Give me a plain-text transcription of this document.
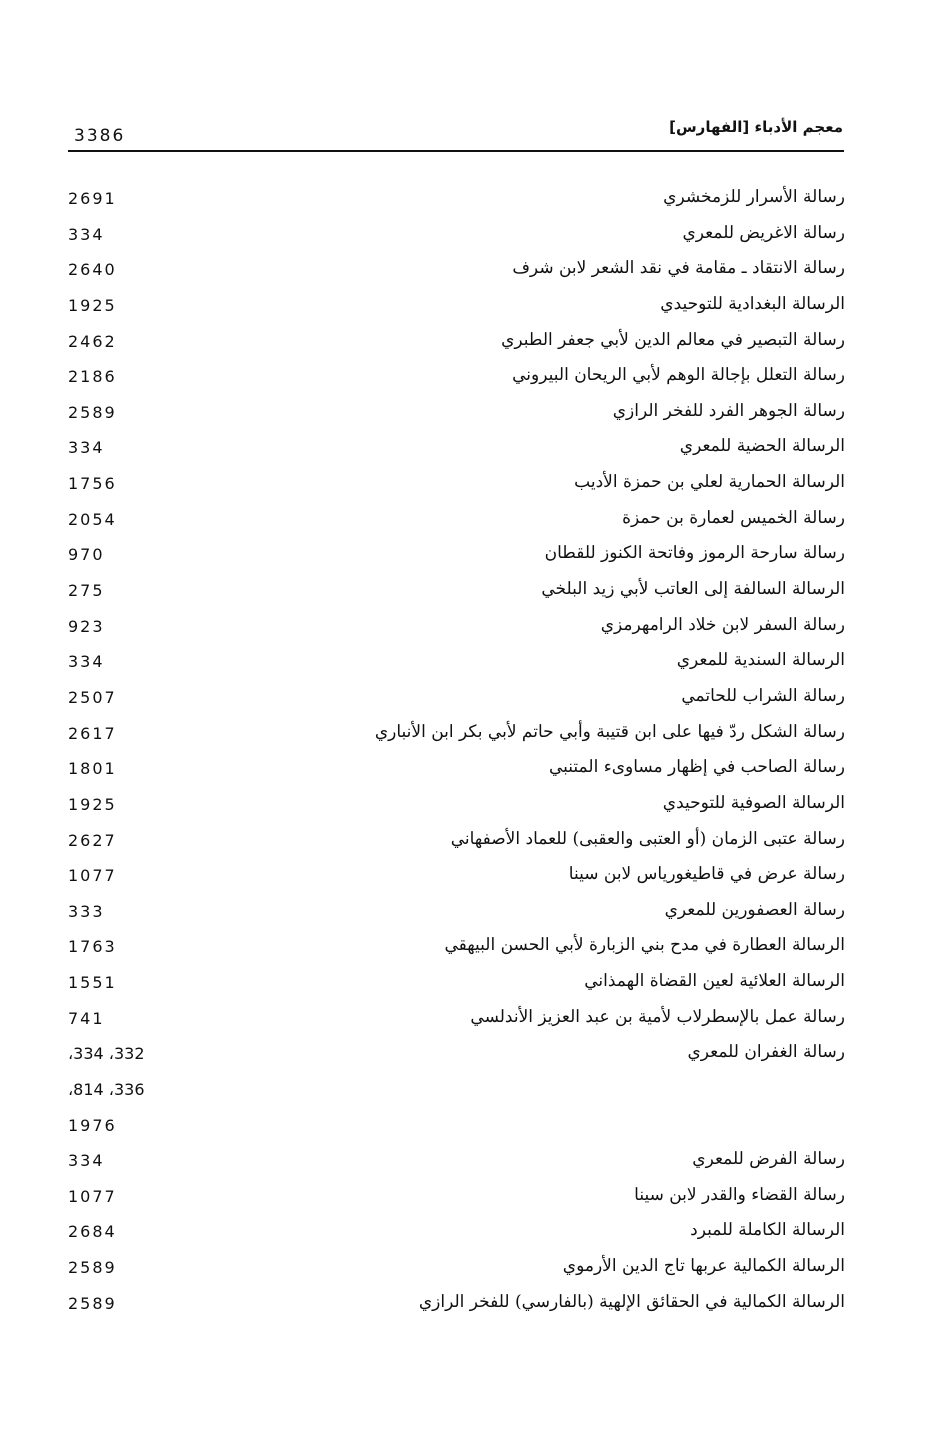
معجم الأدباء [الفهارس]
3386
رسالة الأسرار للزمخشري
2691
رسالة الاغريض للمعري
334
رسالة الانتقاد ـ مقامة في نقد الشعر لابن شرف
2640
الرسالة البغدادية للتوحيدي
1925
رسالة التبصير في معالم الدين لأبي جعفر الطبري
2462
رسالة التعلل بإجالة الوهم لأبي الريحان البيروني
2186
رسالة الجوهر الفرد للفخر الرازي
2589
الرسالة الحضية للمعري
334
الرسالة الحمارية لعلي بن حمزة الأديب
1756
رسالة الخميس لعمارة بن حمزة
2054
رسالة سارحة الرموز وفاتحة الكنوز للقطان
970
الرسالة السالفة إلى العاتب لأبي زيد البلخي
275
رسالة السفر لابن خلاد الرامهرمزي
923
الرسالة السندية للمعري
334
رسالة الشراب للحاتمي
2507
رسالة الشكل ردّ فيها على ابن قتيبة وأبي حاتم لأبي بكر ابن الأنباري
2617
رسالة الصاحب في إظهار مساوىء المتنبي
1801
الرسالة الصوفية للتوحيدي
1925
رسالة عتبى الزمان (أو العتبى والعقبى) للعماد الأصفهاني
2627
رسالة عرض في قاطيغورياس لابن سينا
1077
رسالة العصفورين للمعري
333
الرسالة العطارة في مدح بني الزبارة لأبي الحسن البيهقي
1763
الرسالة العلائية لعين القضاة الهمذاني
1551
رسالة عمل بالإسطرلاب لأمية بن عبد العزيز الأندلسي
741
رسالة الغفران للمعري
332، 334،
336، 814،
1976
رسالة الفرض للمعري
334
رسالة القضاء والقدر لابن سينا
1077
الرسالة الكاملة للمبرد
2684
الرسالة الكمالية عربها تاج الدين الأرموي
2589
الرسالة الكمالية في الحقائق الإلهية (بالفارسي) للفخر الرازي
2589
